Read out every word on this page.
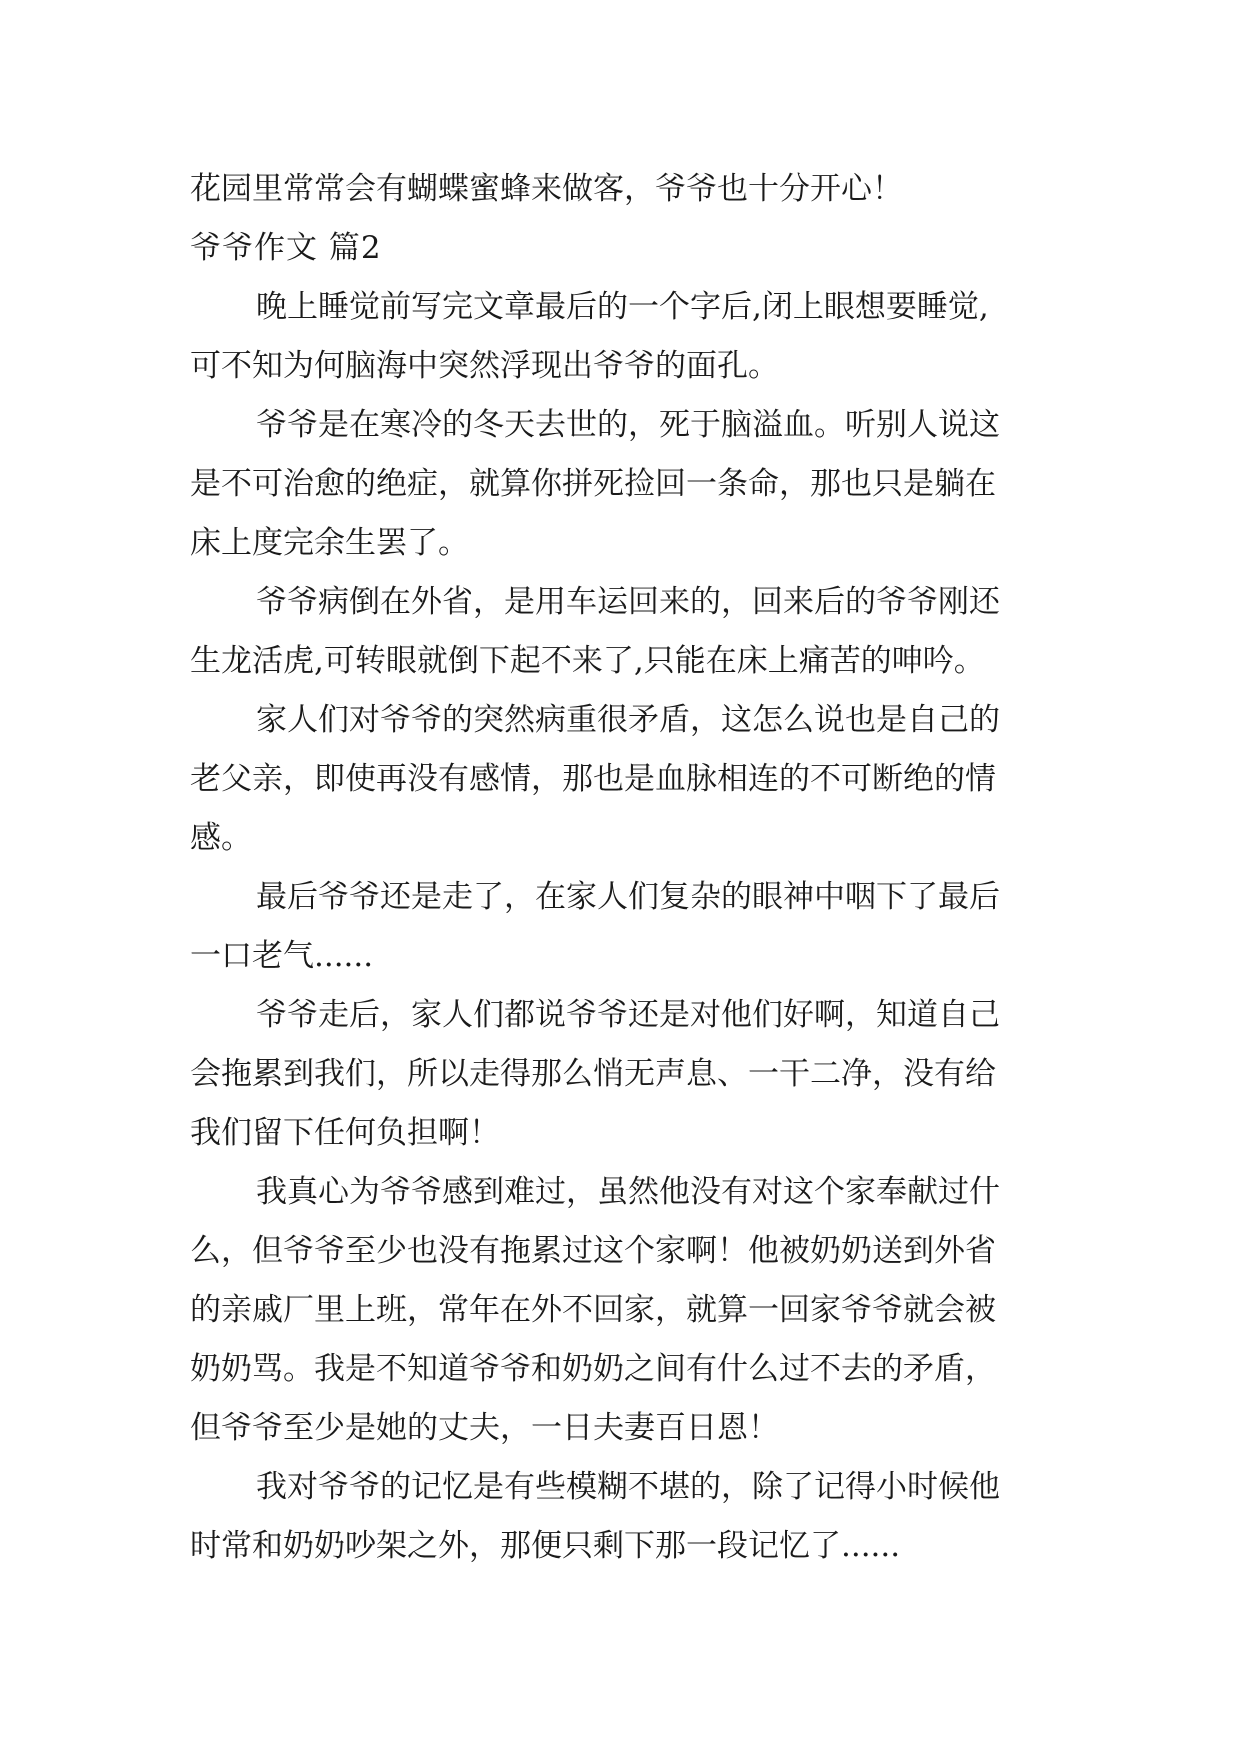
花园里常常会有蝴蝶蜜蜂来做客，爷爷也十分开心！
爷爷作文 篇2
晚上睡觉前写完文章最后的一个字后,闭上眼想要睡觉,
可不知为何脑海中突然浮现出爷爷的面孔。
爷爷是在寒冷的冬天去世的，死于脑溢血。听别人说这
是不可治愈的绝症，就算你拼死捡回一条命，那也只是躺在
床上度完余生罢了。
爷爷病倒在外省，是用车运回来的，回来后的爷爷刚还
生龙活虎,可转眼就倒下起不来了,只能在床上痛苦的呻吟。
家人们对爷爷的突然病重很矛盾，这怎么说也是自己的
老父亲，即使再没有感情，那也是血脉相连的不可断绝的情
感。
最后爷爷还是走了，在家人们复杂的眼神中咽下了最后
一口老气......
爷爷走后，家人们都说爷爷还是对他们好啊，知道自己
会拖累到我们，所以走得那么悄无声息、一干二净，没有给
我们留下任何负担啊！
我真心为爷爷感到难过，虽然他没有对这个家奉献过什
么，但爷爷至少也没有拖累过这个家啊！他被奶奶送到外省
的亲戚厂里上班，常年在外不回家，就算一回家爷爷就会被
奶奶骂。我是不知道爷爷和奶奶之间有什么过不去的矛盾，
但爷爷至少是她的丈夫，一日夫妻百日恩！
我对爷爷的记忆是有些模糊不堪的，除了记得小时候他
时常和奶奶吵架之外，那便只剩下那一段记忆了......
